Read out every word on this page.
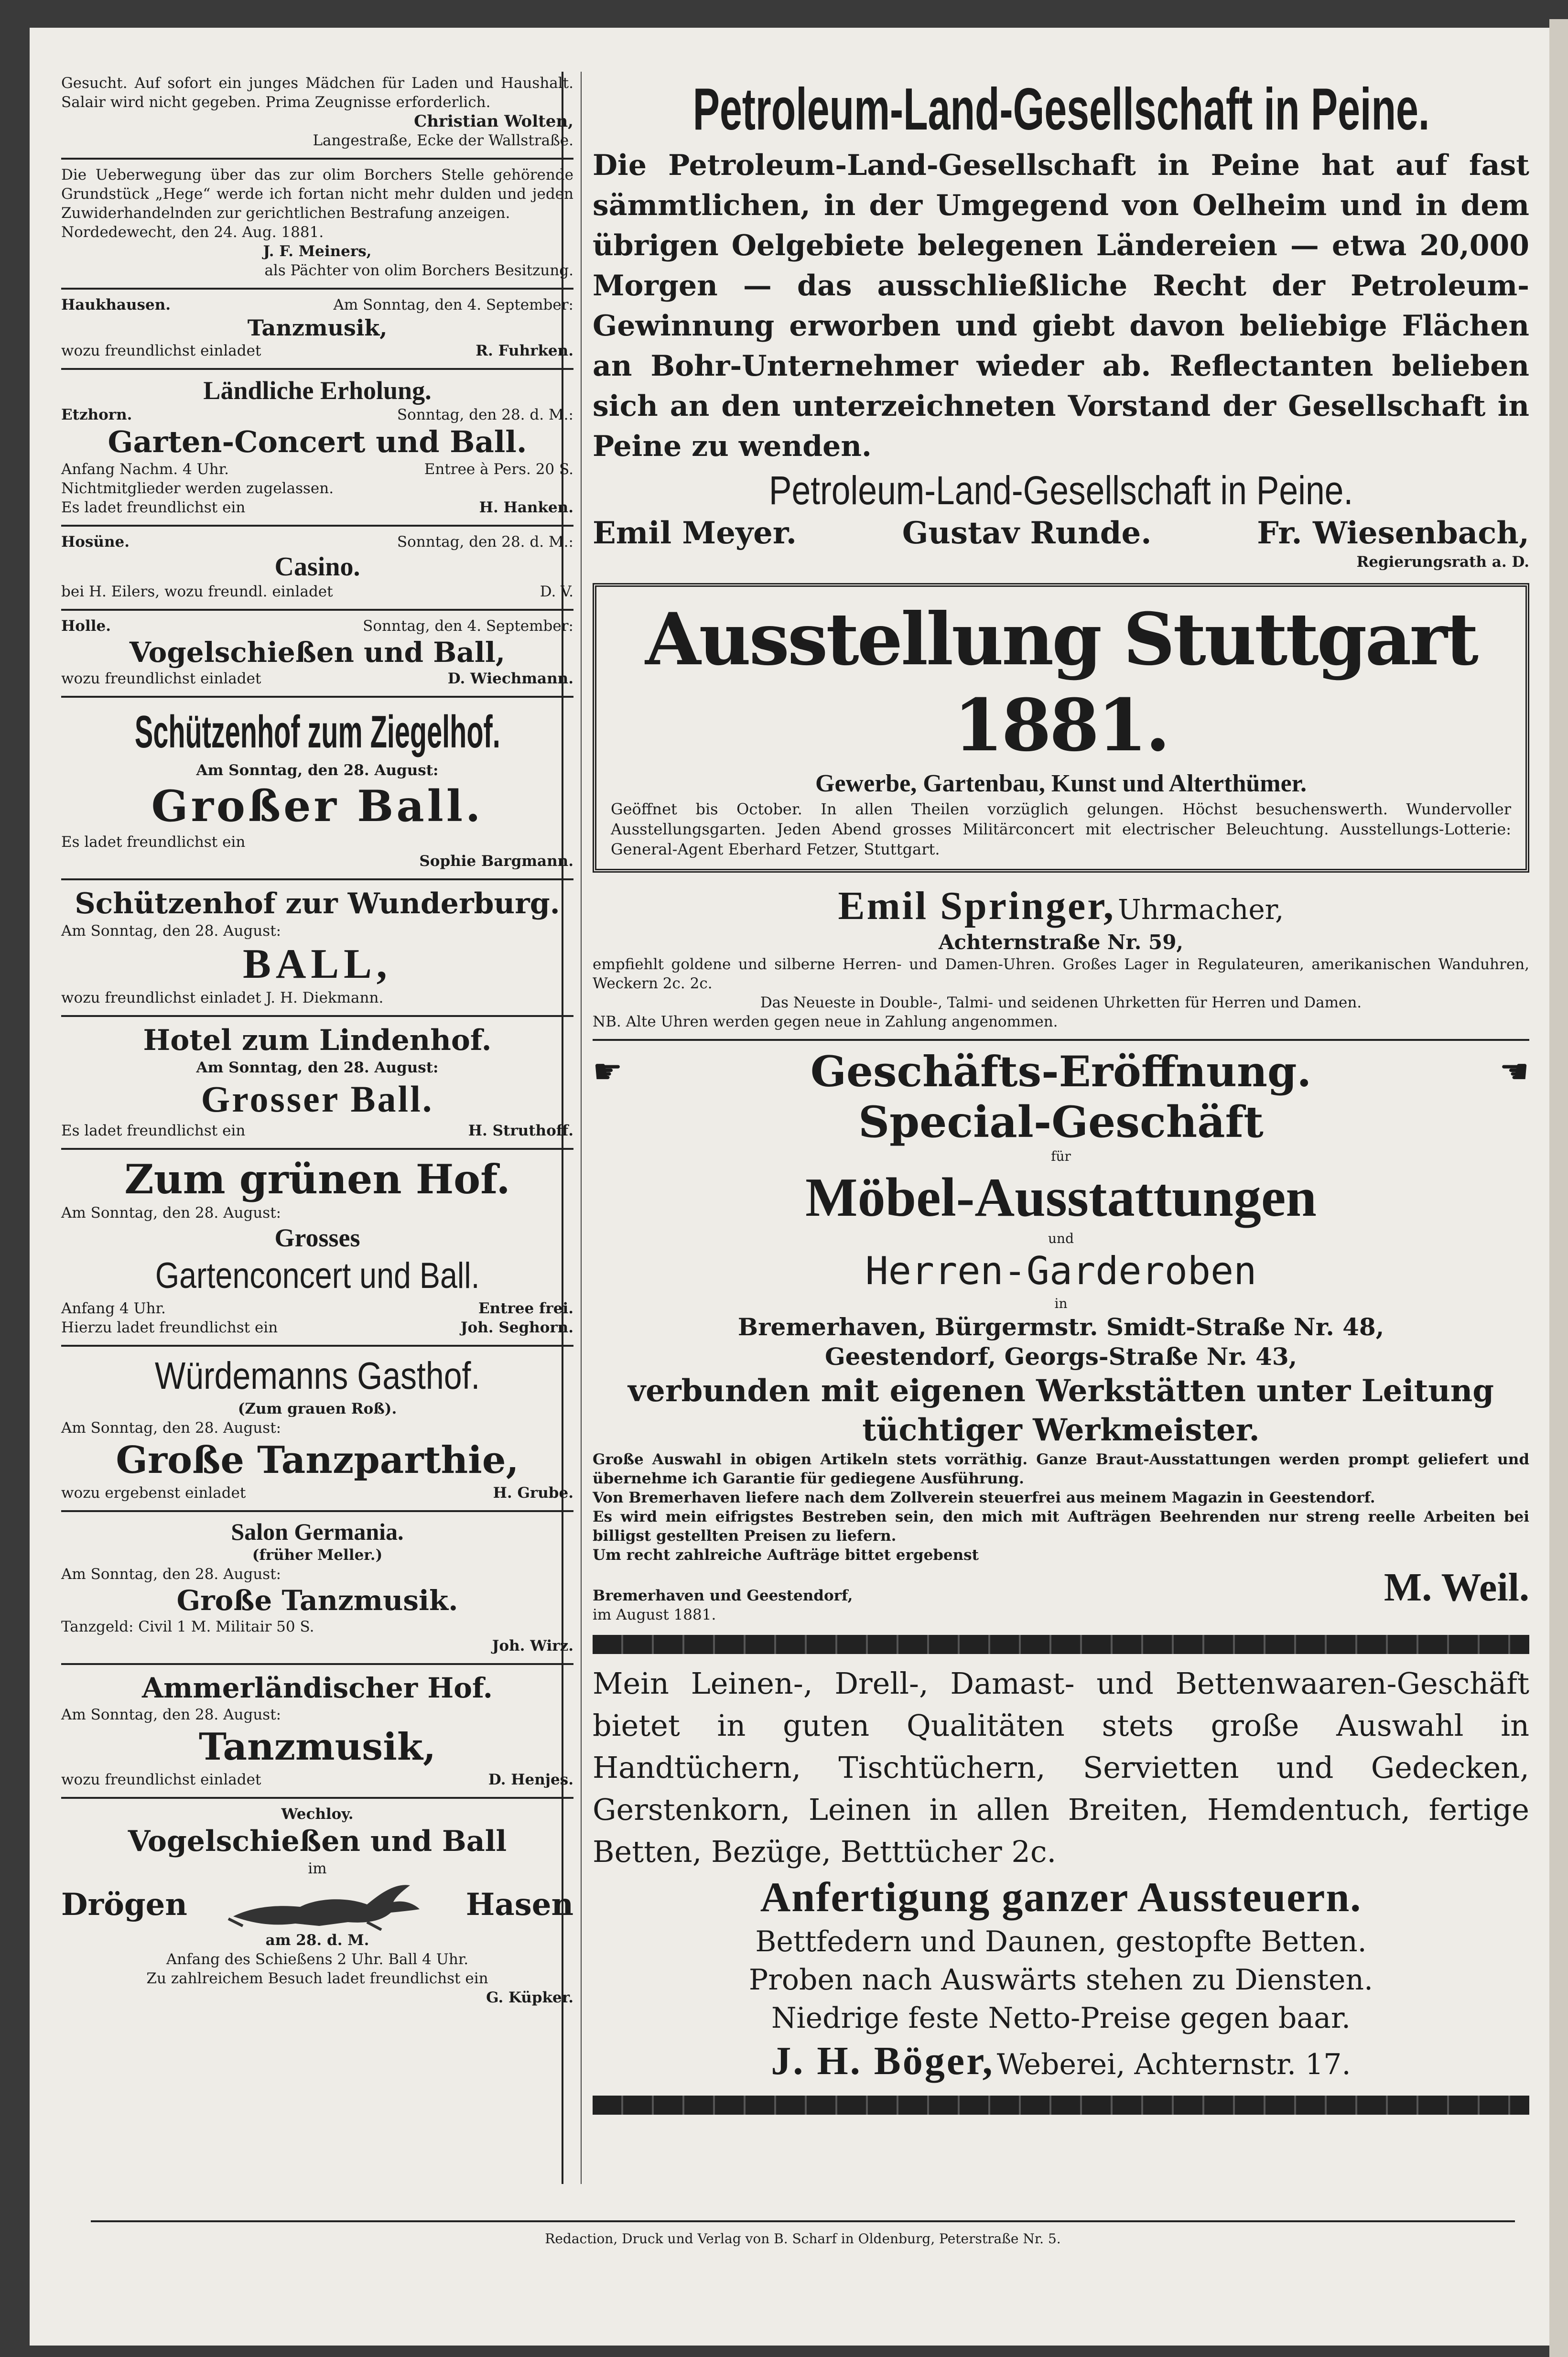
Gesucht. Auf sofort ein junges Mädchen für Laden und Haushalt. Salair wird nicht gegeben. Prima Zeugnisse erforderlich.
Christian Wolten,
Langestraße, Ecke der Wallstraße.
Die Ueberwegung über das zur olim Borchers Stelle gehörende Grundstück „Hege“ werde ich fortan nicht mehr dulden und jeden Zuwiderhandelnden zur gerichtlichen Bestrafung anzeigen.
Nordedewecht, den 24. Aug. 1881.
J. F. Meiners,
als Pächter von olim Borchers Besitzung.
Haukhausen.	Am Sonntag, den 4. September:
Tanzmusik,
wozu freundlichst einladet	R. Fuhrken.
Ländliche Erholung.
Etzhorn.	Sonntag, den 28. d. M.:
Garten-Concert und Ball.
Anfang Nachm. 4 Uhr.	Entree à Pers. 20 S.
Nichtmitglieder werden zugelassen.
Es ladet freundlichst ein	H. Hanken.
Hosüne.	Sonntag, den 28. d. M.:
Casino.
bei H. Eilers, wozu freundl. einladet	D. V.
Holle.	Sonntag, den 4. September:
Vogelschießen und Ball,
wozu freundlichst einladet	D. Wiechmann.
Schützenhof zum Ziegelhof.
Am Sonntag, den 28. August:
Großer Ball.
Es ladet freundlichst ein
Sophie Bargmann.
Schützenhof zur Wunderburg.
Am Sonntag, den 28. August:
BALL,
wozu freundlichst einladet J. H. Diekmann.
Hotel zum Lindenhof.
Am Sonntag, den 28. August:
Grosser Ball.
Es ladet freundlichst ein	H. Struthoff.
Zum grünen Hof.
Am Sonntag, den 28. August:
Grosses
Gartenconcert und Ball.
Anfang 4 Uhr.	Entree frei.
Hierzu ladet freundlichst ein	Joh. Seghorn.
Würdemanns Gasthof.
(Zum grauen Roß).
Am Sonntag, den 28. August:
Große Tanzparthie,
wozu ergebenst einladet	H. Grube.
Salon Germania.
(früher Meller.)
Am Sonntag, den 28. August:
Große Tanzmusik.
Tanzgeld: Civil 1 M. Militair 50 S.
Joh. Wirz.
Ammerländischer Hof.
Am Sonntag, den 28. August:
Tanzmusik,
wozu freundlichst einladet	D. Henjes.
Wechloy.
Vogelschießen und Ball
im
Drögen	Hasen
am 28. d. M.
Anfang des Schießens 2 Uhr. Ball 4 Uhr.
Zu zahlreichem Besuch ladet freundlichst ein
G. Küpker.
Petroleum-Land-Gesellschaft in Peine.
Die Petroleum-Land-Gesellschaft in Peine hat auf fast sämmtlichen, in der Umgegend von Oelheim und in dem übrigen Oelgebiete belegenen Ländereien — etwa 20,000 Morgen — das ausschließliche Recht der Petroleum-Gewinnung erworben und giebt davon beliebige Flächen an Bohr-Unternehmer wieder ab. Reflectanten belieben sich an den unterzeichneten Vorstand der Gesellschaft in Peine zu wenden.
Petroleum-Land-Gesellschaft in Peine.
Emil Meyer.	Gustav Runde.	Fr. Wiesenbach,
Regierungsrath a. D.
Ausstellung Stuttgart 1881.
Gewerbe, Gartenbau, Kunst und Alterthümer.
Geöffnet bis October. In allen Theilen vorzüglich gelungen. Höchst besuchenswerth. Wundervoller Ausstellungsgarten. Jeden Abend grosses Militärconcert mit electrischer Beleuchtung. Ausstellungs-Lotterie: General-Agent Eberhard Fetzer, Stuttgart.
Emil Springer, Uhrmacher,
Achternstraße Nr. 59,
empfiehlt goldene und silberne Herren- und Damen-Uhren. Großes Lager in Regulateuren, amerikanischen Wanduhren, Weckern 2c. 2c.
Das Neueste in Double-, Talmi- und seidenen Uhrketten für Herren und Damen.
NB. Alte Uhren werden gegen neue in Zahlung angenommen.
☛	Geschäfts-Eröffnung.	☚
Special-Geschäft
für
Möbel-Ausstattungen
und
Herren-Garderoben
in
Bremerhaven, Bürgermstr. Smidt-Straße Nr. 48,
Geestendorf, Georgs-Straße Nr. 43,
verbunden mit eigenen Werkstätten unter Leitung tüchtiger Werkmeister.
Große Auswahl in obigen Artikeln stets vorräthig. Ganze Braut-Ausstattungen werden prompt geliefert und übernehme ich Garantie für gediegene Ausführung.
Von Bremerhaven liefere nach dem Zollverein steuerfrei aus meinem Magazin in Geestendorf.
Es wird mein eifrigstes Bestreben sein, den mich mit Aufträgen Beehrenden nur streng reelle Arbeiten bei billigst gestellten Preisen zu liefern.
Um recht zahlreiche Aufträge bittet ergebenst
Bremerhaven und Geestendorf,
im August 1881.
M. Weil.
Mein Leinen-, Drell-, Damast- und Bettenwaaren-Geschäft bietet in guten Qualitäten stets große Auswahl in Handtüchern, Tischtüchern, Servietten und Gedecken, Gerstenkorn, Leinen in allen Breiten, Hemdentuch, fertige Betten, Bezüge, Betttücher 2c.
Anfertigung ganzer Aussteuern.
Bettfedern und Daunen, gestopfte Betten.
Proben nach Auswärts stehen zu Diensten.
Niedrige feste Netto-Preise gegen baar.
J. H. Böger, Weberei, Achternstr. 17.
Redaction, Druck und Verlag von B. Scharf in Oldenburg, Peterstraße Nr. 5.
